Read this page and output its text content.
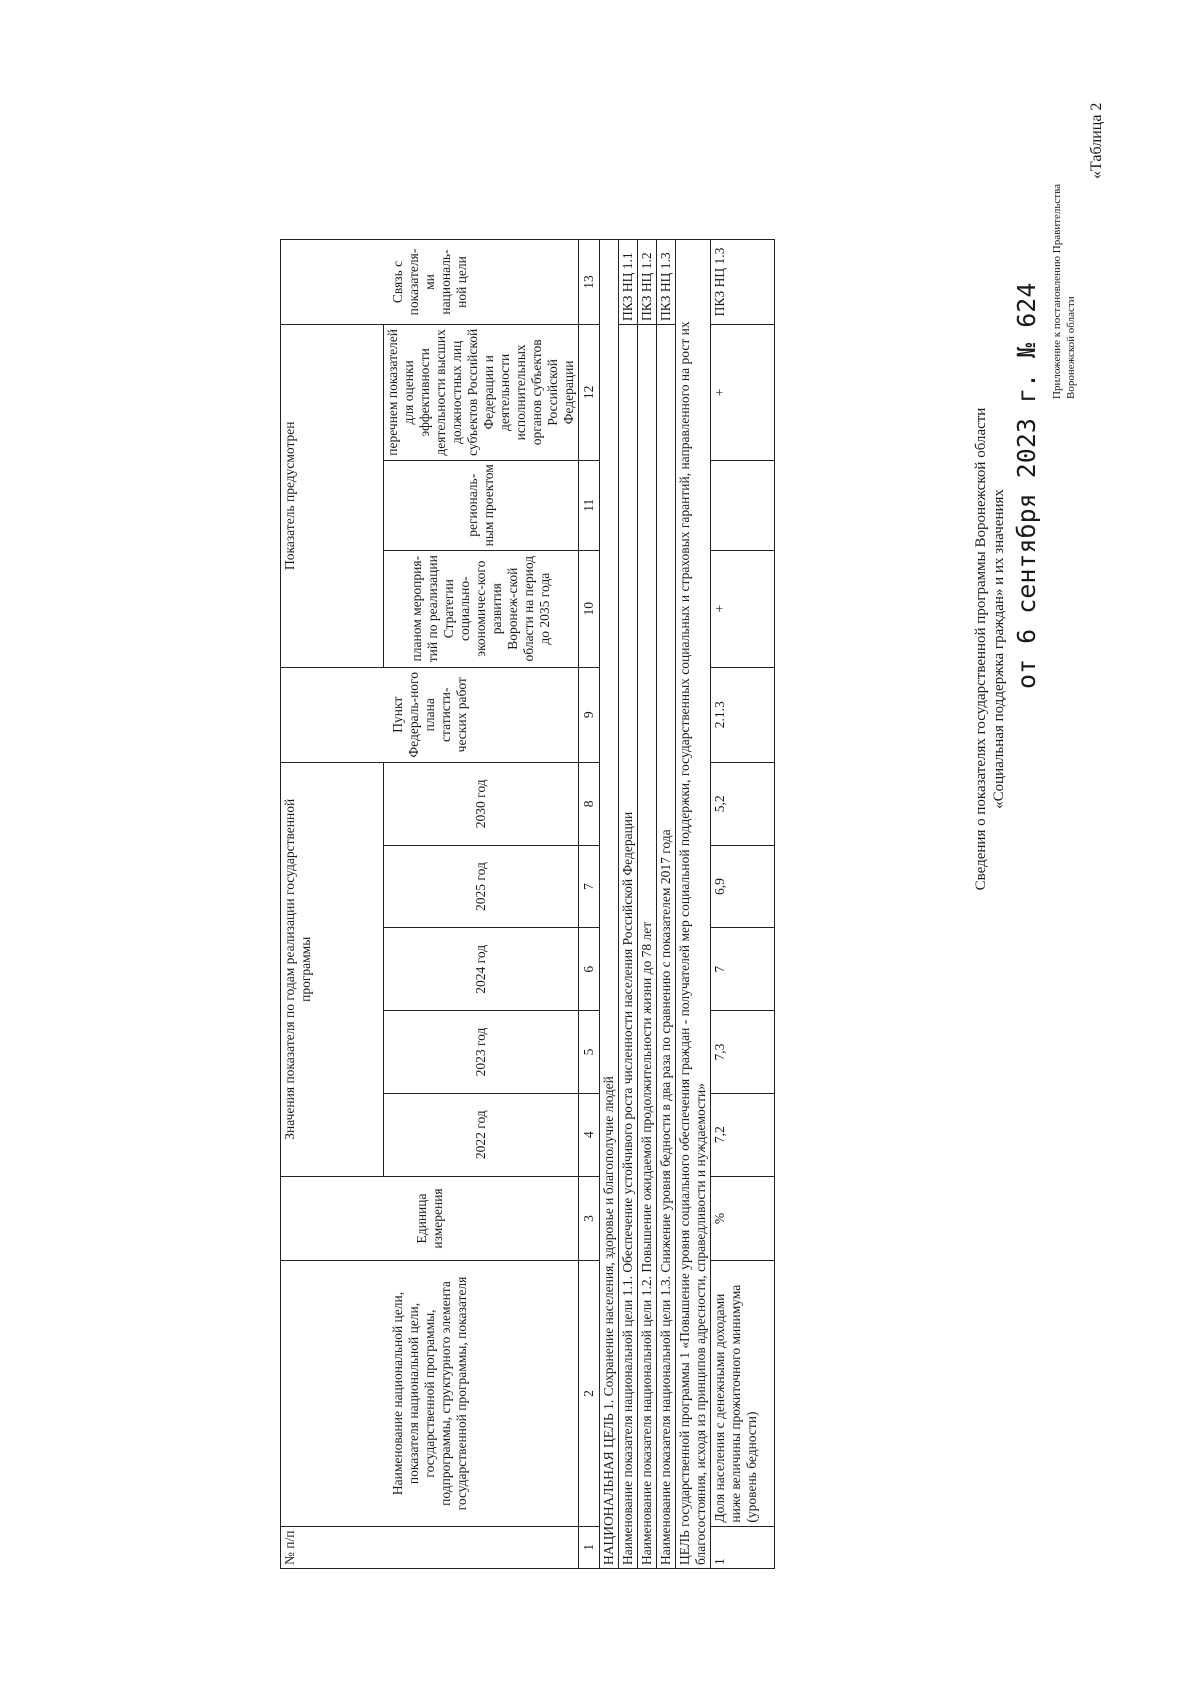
Приложение к постановлению Правительства Воронежской области
от 6 сентября 2023 г. № 624
«Таблица 2
Сведения о показателях государственной программы Воронежской области «Социальная поддержка граждан» и их значениях
№ п/п	Наименование национальной цели, показателя национальной цели, государственной программы, подпрограммы, структурного элемента государственной программы, показателя	Единица измерения	Значения показателя по годам реализации государственной программы					Пункт Федераль-ного плана статисти-ческих работ	Показатель предусмотрен			Связь с показателя-ми националь-ной цели
			2022 год	2023 год	2024 год	2025 год	2030 год		планом мероприя-тий по реализации Стратегии социально-экономичес-кого развития Воронеж-ской области на период до 2035 года	региональ-ным проектом	перечнем показателей для оценки эффективности деятельности высших должностных лиц субъектов Российской Федерации и деятельности исполнительных органов субъектов Российской Федерации	
1	2	3	4	5	6	7	8	9	10	11	12	13
НАЦИОНАЛЬНАЯ ЦЕЛЬ 1. Сохранение населения, здоровье и благополучие людей												
Наименование показателя национальной цели 1.1. Обеспечение устойчивого роста численности населения Российской Федерации												ПКЗ НЦ 1.1
Наименование показателя национальной цели 1.2. Повышение ожидаемой продолжительности жизни до 78 лет												ПКЗ НЦ 1.2
Наименование показателя национальной цели 1.3. Снижение уровня бедности в два раза по сравнению с показателем 2017 года												ПКЗ НЦ 1.3
ЦЕЛЬ государственной программы 1 «Повышение уровня социального обеспечения граждан - получателей мер социальной поддержки, государственных социальных и страховых гарантий, направленного на рост их благосостояния, исходя из принципов адресности, справедливости и нуждаемости»												
1	Доля населения с денежными доходами ниже величины прожиточного минимума (уровень бедности)	%	7,2	7,3	7	6,9	5,2	2.1.3	+		+	ПКЗ НЦ 1.3
